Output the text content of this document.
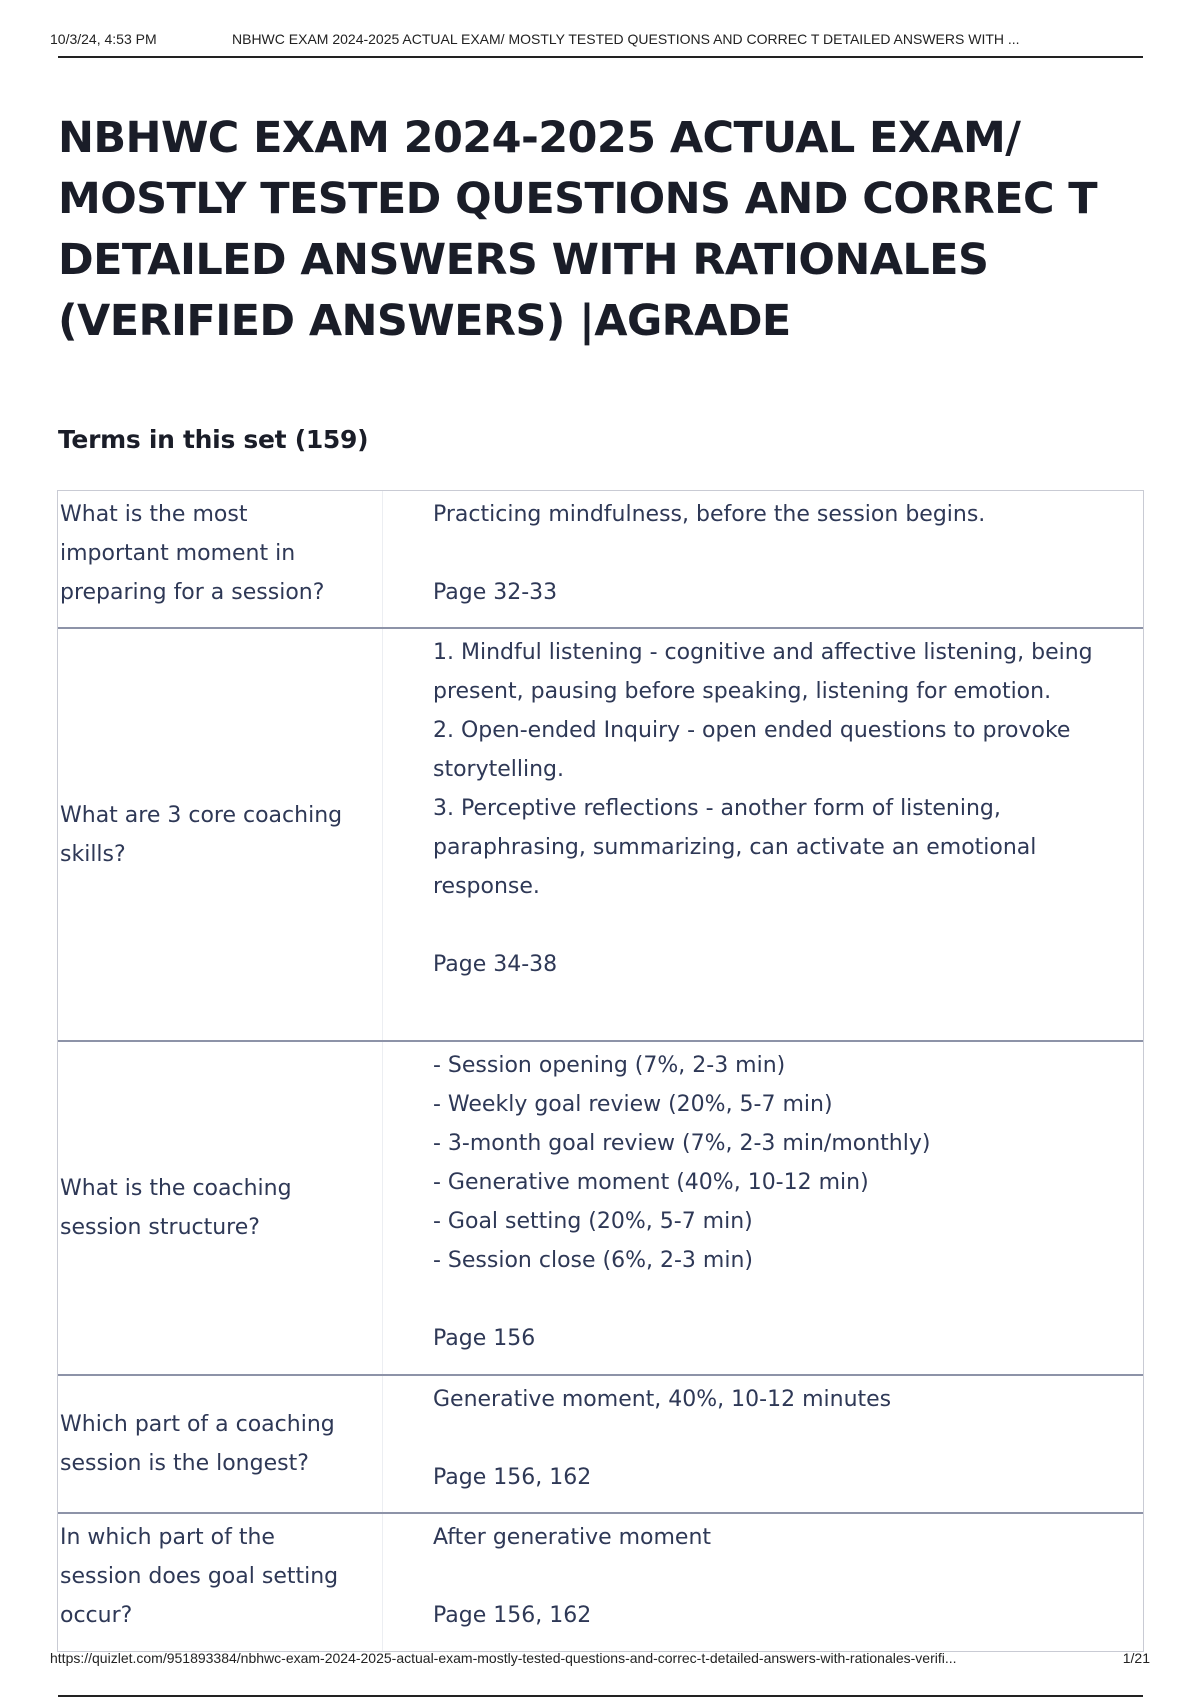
10/3/24, 4:53 PM	NBHWC EXAM 2024-2025 ACTUAL EXAM/ MOSTLY TESTED QUESTIONS AND CORREC T DETAILED ANSWERS WITH ...
NBHWC EXAM 2024-2025 ACTUAL EXAM/ MOSTLY TESTED QUESTIONS AND CORREC T DETAILED ANSWERS WITH RATIONALES (VERIFIED ANSWERS) |AGRADE
Terms in this set (159)
What is the most important moment in preparing for a session?
Practicing mindfulness, before the session begins.
Page 32-33
What are 3 core coaching skills?
1. Mindful listening - cognitive and affective listening, being present, pausing before speaking, listening for emotion.
2. Open-ended Inquiry - open ended questions to provoke storytelling.
3. Perceptive reflections - another form of listening, paraphrasing, summarizing, can activate an emotional response.
Page 34-38
What is the coaching session structure?
- Session opening (7%, 2-3 min)
- Weekly goal review (20%, 5-7 min)
- 3-month goal review (7%, 2-3 min/monthly)
- Generative moment (40%, 10-12 min)
- Goal setting (20%, 5-7 min)
- Session close (6%, 2-3 min)
Page 156
Which part of a coaching session is the longest?
Generative moment, 40%, 10-12 minutes
Page 156, 162
In which part of the session does goal setting occur?
After generative moment
Page 156, 162
https://quizlet.com/951893384/nbhwc-exam-2024-2025-actual-exam-mostly-tested-questions-and-correc-t-detailed-answers-with-rationales-verifi...	1/21
